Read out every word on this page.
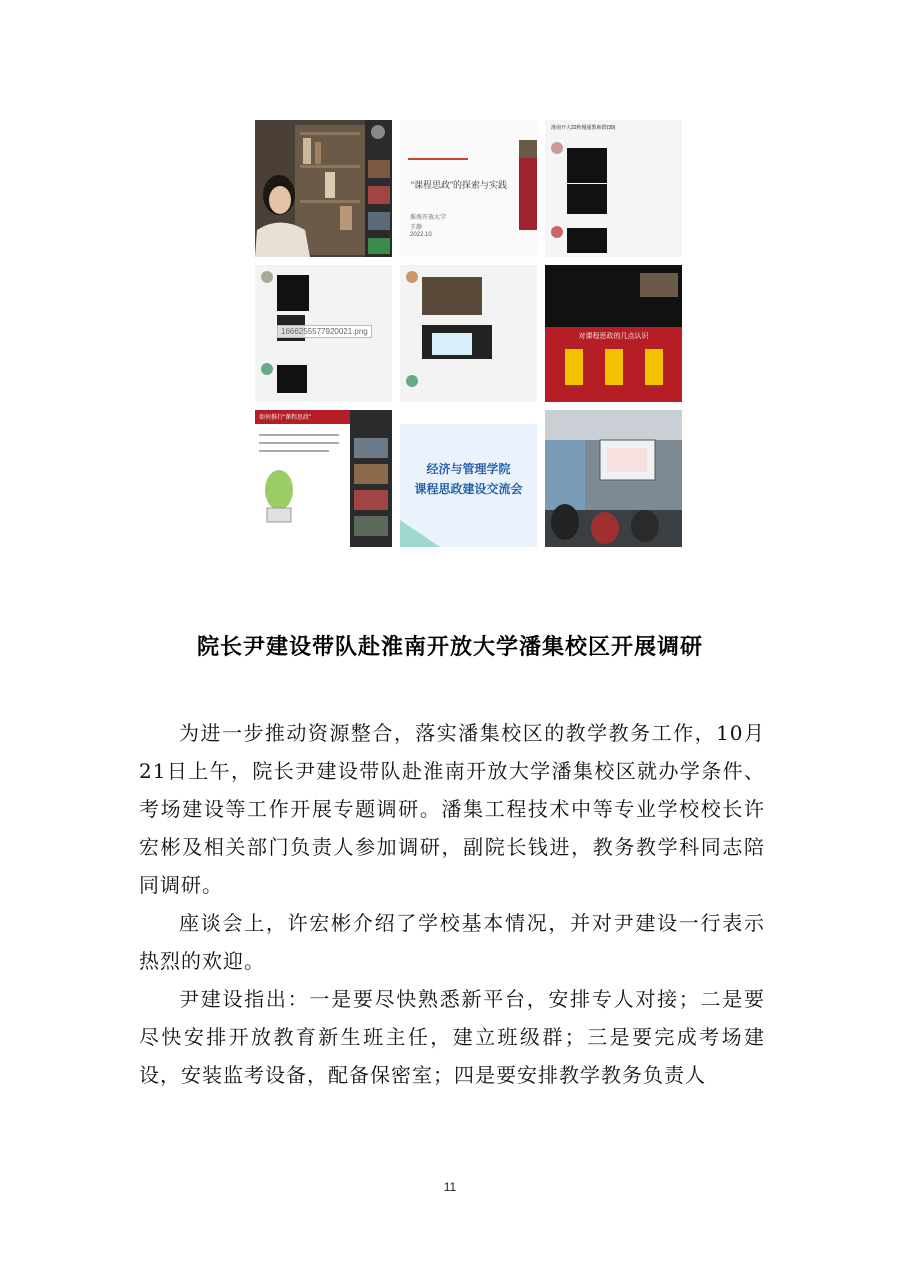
“课程思政”的探索与实践
淮南开放大学
王静
2022.10
淮南开大22秋慢通教师群(39)
1666255577920021.png
对课程思政的几点认识
如何推行“课程思政”
经济与管理学院
课程思政建设交流会
院长尹建设带队赴淮南开放大学潘集校区开展调研

为进一步推动资源整合，落实潘集校区的教学教务工作，10月21日上午，院长尹建设带队赴淮南开放大学潘集校区就办学条件、考场建设等工作开展专题调研。潘集工程技术中等专业学校校长许宏彬及相关部门负责人参加调研，副院长钱进，教务教学科同志陪同调研。

座谈会上，许宏彬介绍了学校基本情况，并对尹建设一行表示热烈的欢迎。

尹建设指出：一是要尽快熟悉新平台，安排专人对接；二是要尽快安排开放教育新生班主任，建立班级群；三是要完成考场建设，安装监考设备，配备保密室；四是要安排教学教务负责人

11
